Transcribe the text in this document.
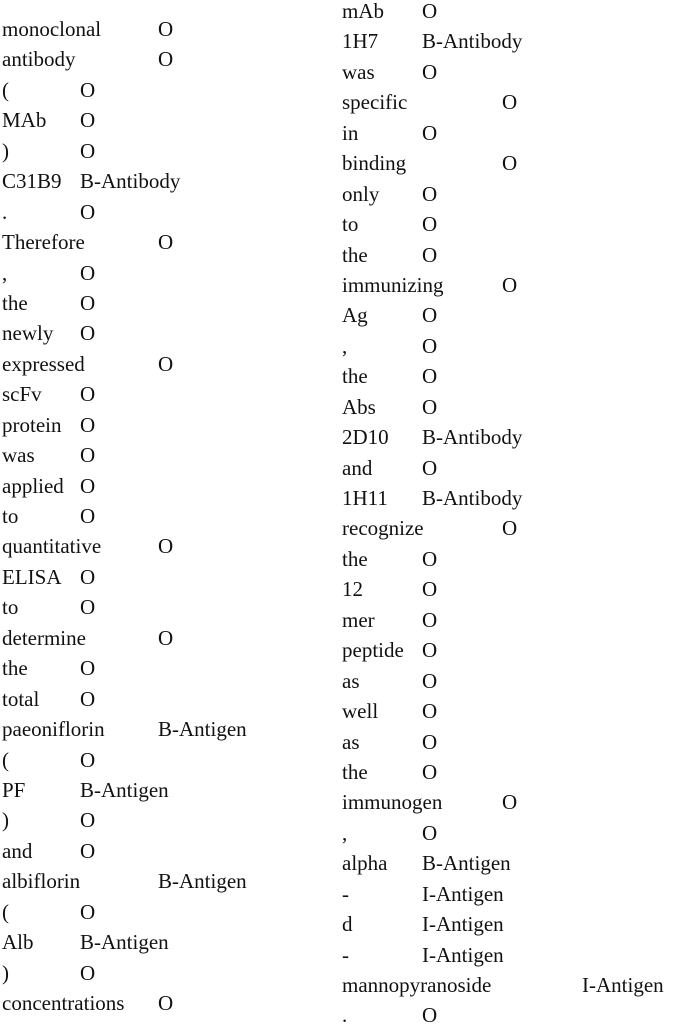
monoclonal	O
antibody	O
(	O
MAb O
)	O
C31B9 B-Antibody
.	O
Therefore	O
,	O
the O
newly O
expressed	O
scFv O
protein O
was O
applied O
to	O
quantitative	O
ELISA O
to	O
determine	O
the O
total O
paeoniflorin	B-Antigen
(	O
PF	B-Antigen
)	O
and O
albiflorin	B-Antigen
(	O
Alb B-Antigen
)	O
concentrations O
mAb O
1H7 B-Antibody
was O
specific	O
in	O
binding	O
only O
to	O
the	O
immunizing	O
Ag	O
,	O
the	O
Abs O
2D10 B-Antibody
and O
1H11 B-Antibody
recognize	O
the	O
12	O
mer O
peptide O
as	O
well O
as	O
the	O
immunogen	O
,	O
alpha B-Antigen
-	I-Antigen
d	I-Antigen
-	I-Antigen
mannopyranoside	I-Antigen
.	O
